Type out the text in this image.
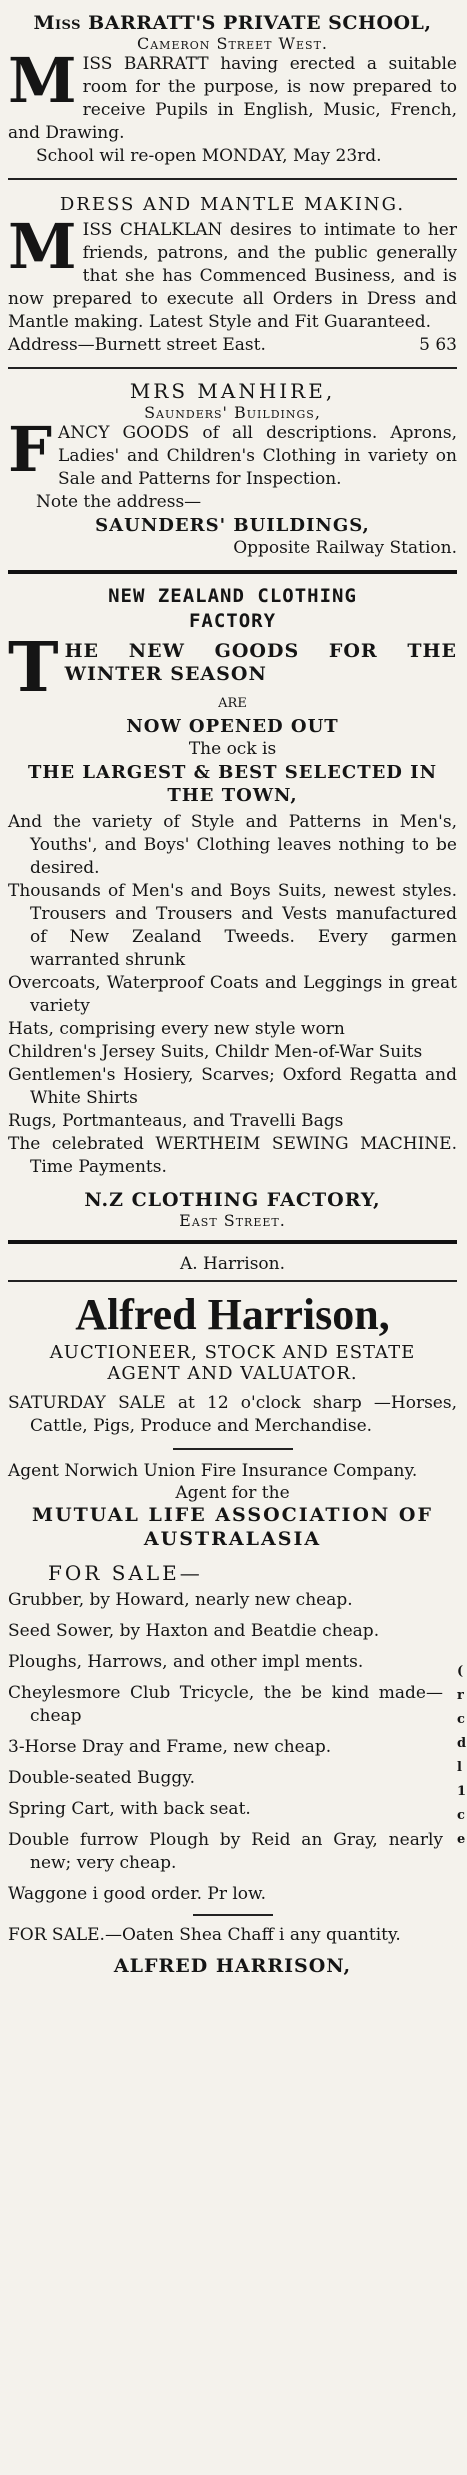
Miss BARRATT'S PRIVATE SCHOOL,
Cameron Street West.
M ISS BARRATT having erected a suitable room for the purpose, is now prepared to receive Pupils in English, Music, French, and Drawing.

School wil re-open MONDAY, May 23rd.

DRESS AND MANTLE MAKING.
M ISS CHALKLAN desires to intimate to her friends, patrons, and the public generally that she has Commenced Business, and is now prepared to execute all Orders in Dress and Mantle making. Latest Style and Fit Guaranteed.

Address—Burnett street East.	5 63

MRS MANHIRE,
Saunders' Buildings,
F ANCY GOODS of all descriptions. Aprons, Ladies' and Children's Clothing in variety on Sale and Patterns for Inspection.

Note the address—

SAUNDERS' BUILDINGS,

Opposite Railway Station.

NEW ZEALAND CLOTHING
FACTORY
T HE NEW GOODS FOR THE WINTER SEASON

ARE

NOW OPENED OUT

The ock is

THE LARGEST & BEST SELECTED IN THE TOWN,

And the variety of Style and Patterns in Men's, Youths', and Boys' Clothing leaves nothing to be desired.

Thousands of Men's and Boys Suits, newest styles. Trousers and Trousers and Vests manufactured of New Zealand Tweeds. Every garmen warranted shrunk

Overcoats, Waterproof Coats and Leggings in great variety

Hats, comprising every new style worn

Children's Jersey Suits, Childr Men-of-War Suits

Gentlemen's Hosiery, Scarves; Oxford Regatta and White Shirts

Rugs, Portmanteaus, and Travelli Bags

The celebrated WERTHEIM SEWING MACHINE. Time Payments.

N.Z CLOTHING FACTORY,
East Street.
A. Harrison.
Alfred Harrison,
AUCTIONEER, STOCK AND ESTATE
AGENT AND VALUATOR.

SATURDAY SALE at 12 o'clock sharp —Horses, Cattle, Pigs, Produce and Merchandise.

Agent Norwich Union Fire Insurance Company.

Agent for the
MUTUAL LIFE ASSOCIATION OF AUSTRALASIA
FOR SALE—

Grubber, by Howard, nearly new cheap.

Seed Sower, by Haxton and Beatdie cheap.

Ploughs, Harrows, and other impl ments.

Cheylesmore Club Tricycle, the be kind made—cheap

3-Horse Dray and Frame, new cheap.

Double-seated Buggy.

Spring Cart, with back seat.

Double furrow Plough by Reid an Gray, nearly new; very cheap.

Waggone i good order. Pr low.

FOR SALE.—Oaten Shea Chaff i any quantity.

ALFRED HARRISON,
(
r
c
d
l
1
c
e
